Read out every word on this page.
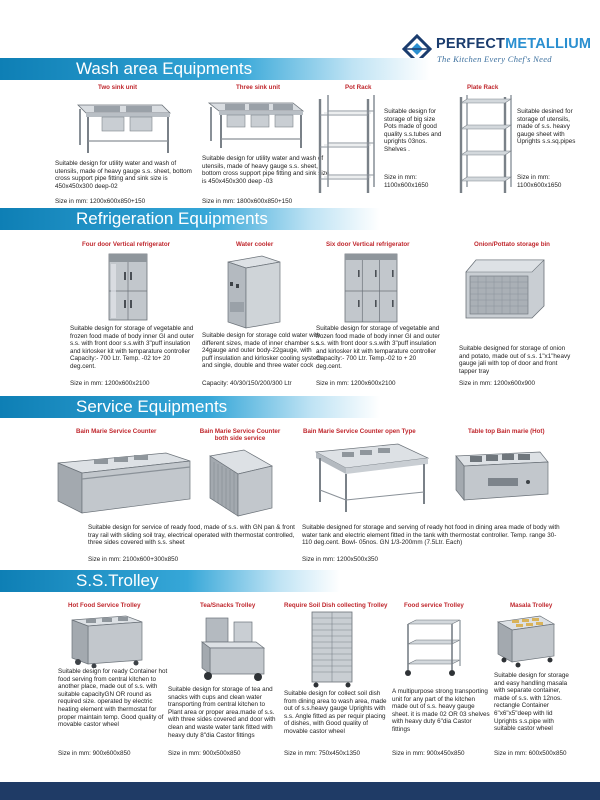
PERFECTMETALLIUM
The Kitchen Every Chef's Need
Wash area Equipments
Two sink unit
Suitable design for utility water and wash of utensils, made of heavy gauge s.s. sheet, bottom cross support pipe fitting and sink size is 450x450x300 deep-02
Size in mm: 1200x600x850+150
Three sink unit
Suitable design for utility water and wash of utensils, made of heavy gauge s.s. sheet, bottom cross support pipe fitting and sink size is 450x450x300 deep -03
Size in mm: 1800x600x850+150
Pot Rack
Suitable design for storage of big size Pots made of good quality s.s.tubes and uprights 03nos. Shelves .
Size in mm: 1100x600x1650
Plate Rack
Suitable desined for storage of utensils, made of s.s. heavy gauge sheet with Uprights s.s.sq.pipes
Size in mm: 1100x600x1650
Refrigeration Equipments
Four door Vertical refrigerator
Suitable design for storage of vegetable and frozen food made of body inner GI and outer s.s. with front door s.s.with 3"puff insulation and kirlosker kit with temparature controller Capacity:- 700 Ltr. Temp. -02 to+ 20 deg.cent.
Size in mm: 1200x600x2100
Water cooler
Suitable design for storage cold water with different sizes, made of inner chamber s.s. 24gauge and outer body-22gauge, with puff insulation and kirlosker cooling system and single, double and three water cock
Capacity: 40/30/150/200/300 Ltr
Six door Vertical refrigerator
Suitable design for storage of vegetable and frozen food made of body inner GI and outer s.s. with front door s.s.with 3"puff insulation and kirlosker kit with temparature controller Capacity:- 700 Ltr. Temp.-02 to + 20 deg.cent.
Size in mm: 1200x600x2100
Onion/Pottato storage bin
Suitable designed for storage of onion and potato, made out of s.s. 1"x1"heavy gauge jali with top of door and front tapper tray
Size in mm: 1200x600x900
Service Equipments
Bain Marie Service Counter	Bain Marie Service Counter both side service
Bain Marie Service Counter open Type	Table top Bain marie (Hot)
Suitable design for service of ready food, made of s.s. with GN pan & front tray rail with sliding soil tray, electrical operated with thermostat controlled, three sides covered with s.s. sheet
Size in mm: 2100x600+300x850
Suitable designed for storage and serving of ready hot food in dining area made of body with water tank and electric element fitted in the tank with thermostat controller. Temp. range 30-110 deg.cent. Bowl- 05nos. GN 1/3-200mm (7.5Ltr. Each)
Size in mm: 1200x500x350
S.S.Trolley
Hot Food Service Trolley
Suitable design for ready Container hot food serving from central kitchen to another place, made out of s.s. with suitable capacityGN OR round as required size. operated by electric heating element with thermostat for proper maintain temp. Good quality of movable castor wheel
Size in mm: 900x600x850
Tea/Snacks Trolley
Suitable design for storage of tea and snacks with cups and clean water transporting from central kitchen to Plant area or proper area.made of s.s. with three sides covered and door with clean and waste water tank fitted with heavy duty 8"dia Castor fittings
Size in mm: 900x500x850
Require Soil Dish collecting Trolley
Suitable design for collect soil dish from dining area to wash area, made out of s.s.heavy gauge Uprights with s.s. Angle fitted as per requir placing of dishes, with Good quality of movable castor wheel
Size in mm: 750x450x1350
Food service Trolley
A multipurpose strong transporting unit for any part of the kitchen made out of s.s. heavy gauge sheet. it is made 02 OR 03 shelves with heavy duty 6"dia Castor fittings
Size in mm: 900x450x850
Masala Trolley
Suitable design for storage and easy handling masala with separate container, made of s.s. with 12nos. rectangle Container 6"x6"x5"deep with lid Uprights s.s.pipe with suitable castor wheel
Size in mm: 600x500x850
